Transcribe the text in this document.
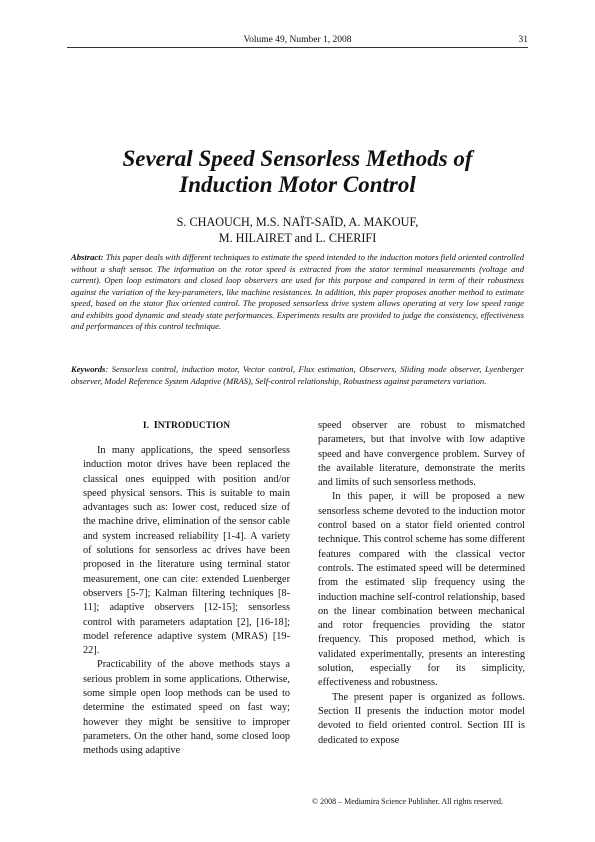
Volume 49, Number 1, 2008	31
Several Speed Sensorless Methods of
Induction Motor Control
S. CHAOUCH, M.S. NAÏT-SAÏD, A. MAKOUF,
M. HILAIRET and L. CHERIFI
Abstract: This paper deals with different techniques to estimate the speed intended to the induction motors field oriented controlled without a shaft sensor. The information on the rotor speed is extracted from the stator terminal measurements (voltage and current). Open loop estimators and closed loop observers are used for this purpose and compared in term of their robustness against the variation of the key-parameters, like machine resistances. In addition, this paper proposes another method to estimate speed, based on the stator flux oriented control. The proposed sensorless drive system allows operating at very low speed range and exhibits good dynamic and steady state performances. Experiments results are provided to judge the consistency, effectiveness and performances of this control technique.
Keywords: Sensorless control, induction motor, Vector control, Flux estimation, Observers, Sliding mode observer, Lyenberger observer, Model Reference System Adaptive (MRAS), Self-control relationship, Robustness against parameters variation.
I. INTRODUCTION

In many applications, the speed sensorless induction motor drives have been replaced the classical ones equipped with position and/or speed physical sensors. This is suitable to main advantages such as: lower cost, reduced size of the machine drive, elimination of the sensor cable and system increased reliability [1-4]. A variety of solutions for sensorless ac drives have been proposed in the literature using terminal stator measurement, one can cite: extended Luenberger observers [5-7]; Kalman filtering techniques [8-11]; adaptive observers [12-15]; sensorless control with parameters adaptation [2], [16-18]; model reference adaptive system (MRAS) [19-22].

Practicability of the above methods stays a serious problem in some applications. Otherwise, some simple open loop methods can be used to determine the estimated speed on fast way; however they might be sensitive to improper parameters. On the other hand, some closed loop methods using adaptive

speed observer are robust to mismatched parameters, but that involve with low adaptive speed and have convergence problem. Survey of the available literature, demonstrate the merits and limits of such sensorless methods.

In this paper, it will be proposed a new sensorless scheme devoted to the induction motor control based on a stator field oriented control technique. This control scheme has some different features compared with the classical vector controls. The estimated speed will be determined from the estimated slip frequency using the induction machine self-control relationship, based on the linear combination between mechanical and rotor frequencies providing the stator frequency. This proposed method, which is validated experimentally, presents an interesting solution, especially for its simplicity, effectiveness and robustness.

The present paper is organized as follows. Section II presents the induction motor model devoted to field oriented control. Section III is dedicated to expose

© 2008 – Mediamira Science Publisher. All rights reserved.
